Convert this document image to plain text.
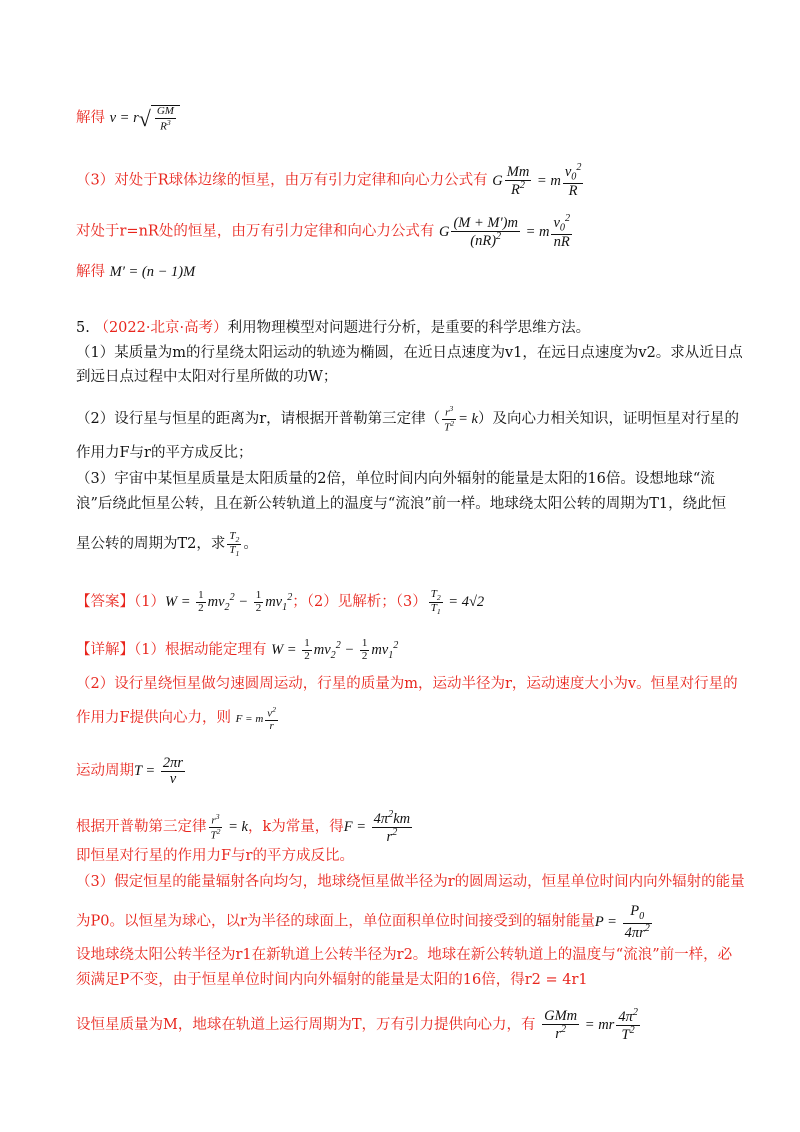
解得 $v = r√ \frac{GM}{R^3}$
（3）对处于R球体边缘的恒星，由万有引力定律和向心力公式有 G $\frac{Mm}{R^2} = m \frac{v_0^2}{R}$
对处于r=nR处的恒星，由万有引力定律和向心力公式有 G $\frac{(M + M')m}{(nR)^2} = m \frac{v_0^2}{nR}$
解得 M′ = (n − 1)M
5. （2022·北京·高考）利用物理模型对问题进行分析，是重要的科学思维方法。
（1）某质量为m的行星绕太阳运动的轨迹为椭圆，在近日点速度为v1，在远日点速度为v2。求从近日点
到远日点过程中太阳对行星所做的功W；
（2）设行星与恒星的距离为r，请根据开普勒第三定律（ $\frac{r^3}{T^2} = k$）及向心力相关知识，证明恒星对行星的
作用力F与r的平方成反比；
（3）宇宙中某恒星质量是太阳质量的2倍，单位时间内向外辐射的能量是太阳的16倍。设想地球“流
浪”后绕此恒星公转，且在新公转轨道上的温度与“流浪”前一样。地球绕太阳公转的周期为T1，绕此恒
星公转的周期为T2，求 $\frac{T_2}{T_1}$ 。
【答案】$(1)W = \frac{1}{2} mv_2^2 - \frac{1}{2} mv_1^2$；（2）见解析；$(3) \frac{T_2}{T_1} = 4√2$
【详解】（1）根据动能定理有 $W = \frac{1}{2} mv_2^2 - \frac{1}{2} mv_1^2$
（2）设行星绕恒星做匀速圆周运动，行星的质量为m，运动半径为r，运动速度大小为v。恒星对行星的
作用力F提供向心力，则 F = m $\frac{v^2}{r}$
运动周期$T = \frac{2\pi r}{v}$
根据开普勒第三定律 $\frac{r^3}{T^2} = k$，k为常量，得$F = \frac{4\pi^2km}{r^2}$
即恒星对行星的作用力F与r的平方成反比。
（3）假定恒星的能量辐射各向均匀，地球绕恒星做半径为r的圆周运动，恒星单位时间内向外辐射的能量
为P0。以恒星为球心，以r为半径的球面上，单位面积单位时间接受到的辐射能量$P = \frac{P_0}{4\pi r^2}$
设地球绕太阳公转半径为r1在新轨道上公转半径为r2。地球在新公转轨道上的温度与“流浪”前一样，必
须满足P不变，由于恒星单位时间内向外辐射的能量是太阳的16倍，得r2 = 4r1
设恒星质量为M，地球在轨道上运行周期为T，万有引力提供向心力，有 $\frac{\text{GMm}}{r^2}$ = mr $\frac{4\pi^2}{T^2}$
